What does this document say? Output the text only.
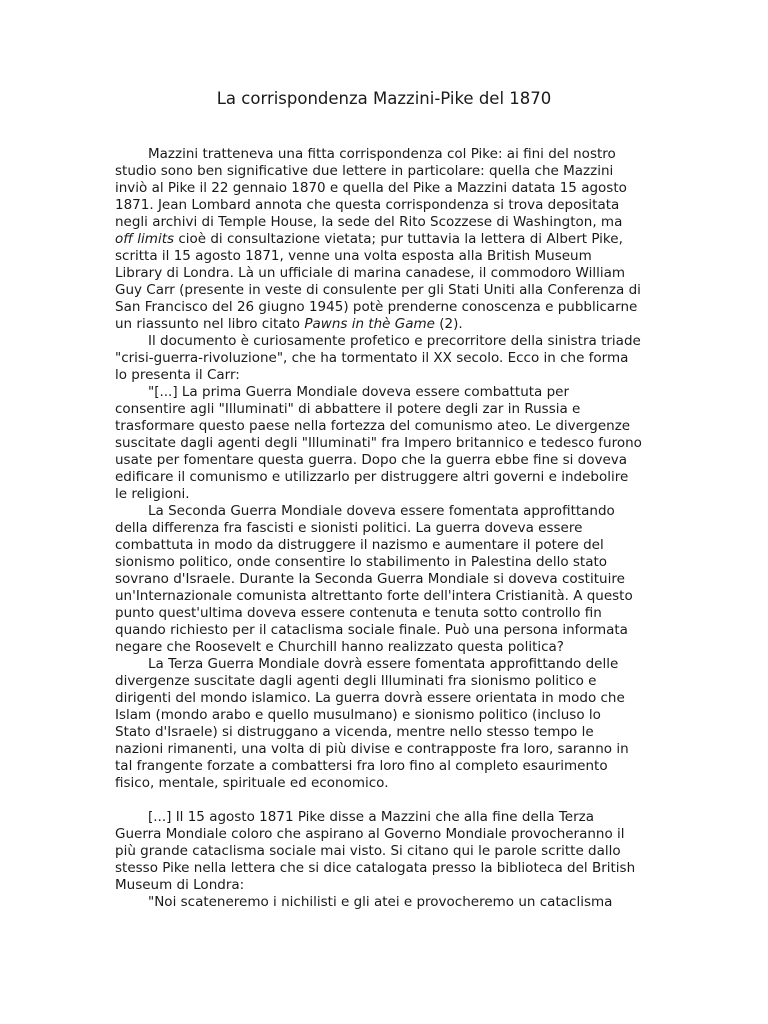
La corrispondenza Mazzini-Pike del 1870
Mazzini tratteneva una fitta corrispondenza col Pike: ai fini del nostro
studio sono ben significative due lettere in particolare: quella che Mazzini
inviò al Pike il 22 gennaio 1870 e quella del Pike a Mazzini datata 15 agosto
1871. Jean Lombard annota che questa corrispondenza si trova depositata
negli archivi di Temple House, la sede del Rito Scozzese di Washington, ma
off limits cioè di consultazione vietata; pur tuttavia la lettera di Albert Pike,
scritta il 15 agosto 1871, venne una volta esposta alla British Museum
Library di Londra. Là un ufficiale di marina canadese, il commodoro William
Guy Carr (presente in veste di consulente per gli Stati Uniti alla Conferenza di
San Francisco del 26 giugno 1945) potè prenderne conoscenza e pubblicarne
un riassunto nel libro citato Pawns in thè Game (2).
Il documento è curiosamente profetico e precorritore della sinistra triade
"crisi-guerra-rivoluzione", che ha tormentato il XX secolo. Ecco in che forma
lo presenta il Carr:
"[...] La prima Guerra Mondiale doveva essere combattuta per
consentire agli "Illuminati" di abbattere il potere degli zar in Russia e
trasformare questo paese nella fortezza del comunismo ateo. Le divergenze
suscitate dagli agenti degli "Illuminati" fra Impero britannico e tedesco furono
usate per fomentare questa guerra. Dopo che la guerra ebbe fine si doveva
edificare il comunismo e utilizzarlo per distruggere altri governi e indebolire
le religioni.
La Seconda Guerra Mondiale doveva essere fomentata approfittando
della differenza fra fascisti e sionisti politici. La guerra doveva essere
combattuta in modo da distruggere il nazismo e aumentare il potere del
sionismo politico, onde consentire lo stabilimento in Palestina dello stato
sovrano d'Israele. Durante la Seconda Guerra Mondiale si doveva costituire
un'Internazionale comunista altrettanto forte dell'intera Cristianità. A questo
punto quest'ultima doveva essere contenuta e tenuta sotto controllo fin
quando richiesto per il cataclisma sociale finale. Può una persona informata
negare che Roosevelt e Churchill hanno realizzato questa politica?
La Terza Guerra Mondiale dovrà essere fomentata approfittando delle
divergenze suscitate dagli agenti degli Illuminati fra sionismo politico e
dirigenti del mondo islamico. La guerra dovrà essere orientata in modo che
Islam (mondo arabo e quello musulmano) e sionismo politico (incluso lo
Stato d'Israele) si distruggano a vicenda, mentre nello stesso tempo le
nazioni rimanenti, una volta di più divise e contrapposte fra loro, saranno in
tal frangente forzate a combattersi fra loro fino al completo esaurimento
fisico, mentale, spirituale ed economico.
[...] Il 15 agosto 1871 Pike disse a Mazzini che alla fine della Terza
Guerra Mondiale coloro che aspirano al Governo Mondiale provocheranno il
più grande cataclisma sociale mai visto. Si citano qui le parole scritte dallo
stesso Pike nella lettera che si dice catalogata presso la biblioteca del British
Museum di Londra:
"Noi scateneremo i nichilisti e gli atei e provocheremo un cataclisma
